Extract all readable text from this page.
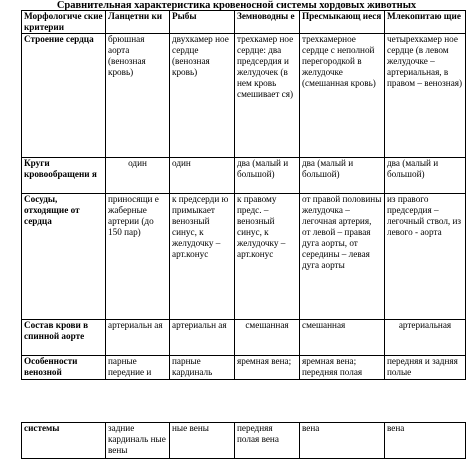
Сравнительная характеристика кровеносной системы хордовых животных
Морфологиче ские критерии	Ланцетни ки	Рыбы	Земноводны е	Пресмыкающ иеся	Млекопитаю щие
Строение сердца	брюшная аорта (венозная кровь)	двухкамер ное сердце (венозная кровь)	трехкамер ное сердце: два предсердия и желудочек (в нем кровь смешивает ся)	трехкамерное сердце с неполной перегородкой в желудочке (смешанная кровь)	четырехкамер ное сердце (в левом желудочке – артериальная, в правом – венозная)
Круги кровообращени я	один	один	два (малый и большой)	два (малый и большой)	два (малый и большой)
Сосуды, отходящие от сердца	приносящи е жаберные артерии (до 150 пар)	к предсерди ю примыкает венозный синус, к желудочку – арт.конус	к правому предс. – венозный синус, к желудочку – арт.конус	от правой половины желудочка – легочная артерия, от левой – правая дуга аорты, от середины – левая дуга аорты	из правого предсердия – легочный ствол, из левого - аорта
Состав крови в спинной аорте	артериальн ая	артериальн ая	смешанная	смешанная	артериальная
Особенности венозной	парные передние и	парные кардиналь	яремная вена;	яремная вена; передняя полая	передняя и задняя полые
системы	задние кардиналь ные вены	ные вены	передняя полая вена	вена	вена
